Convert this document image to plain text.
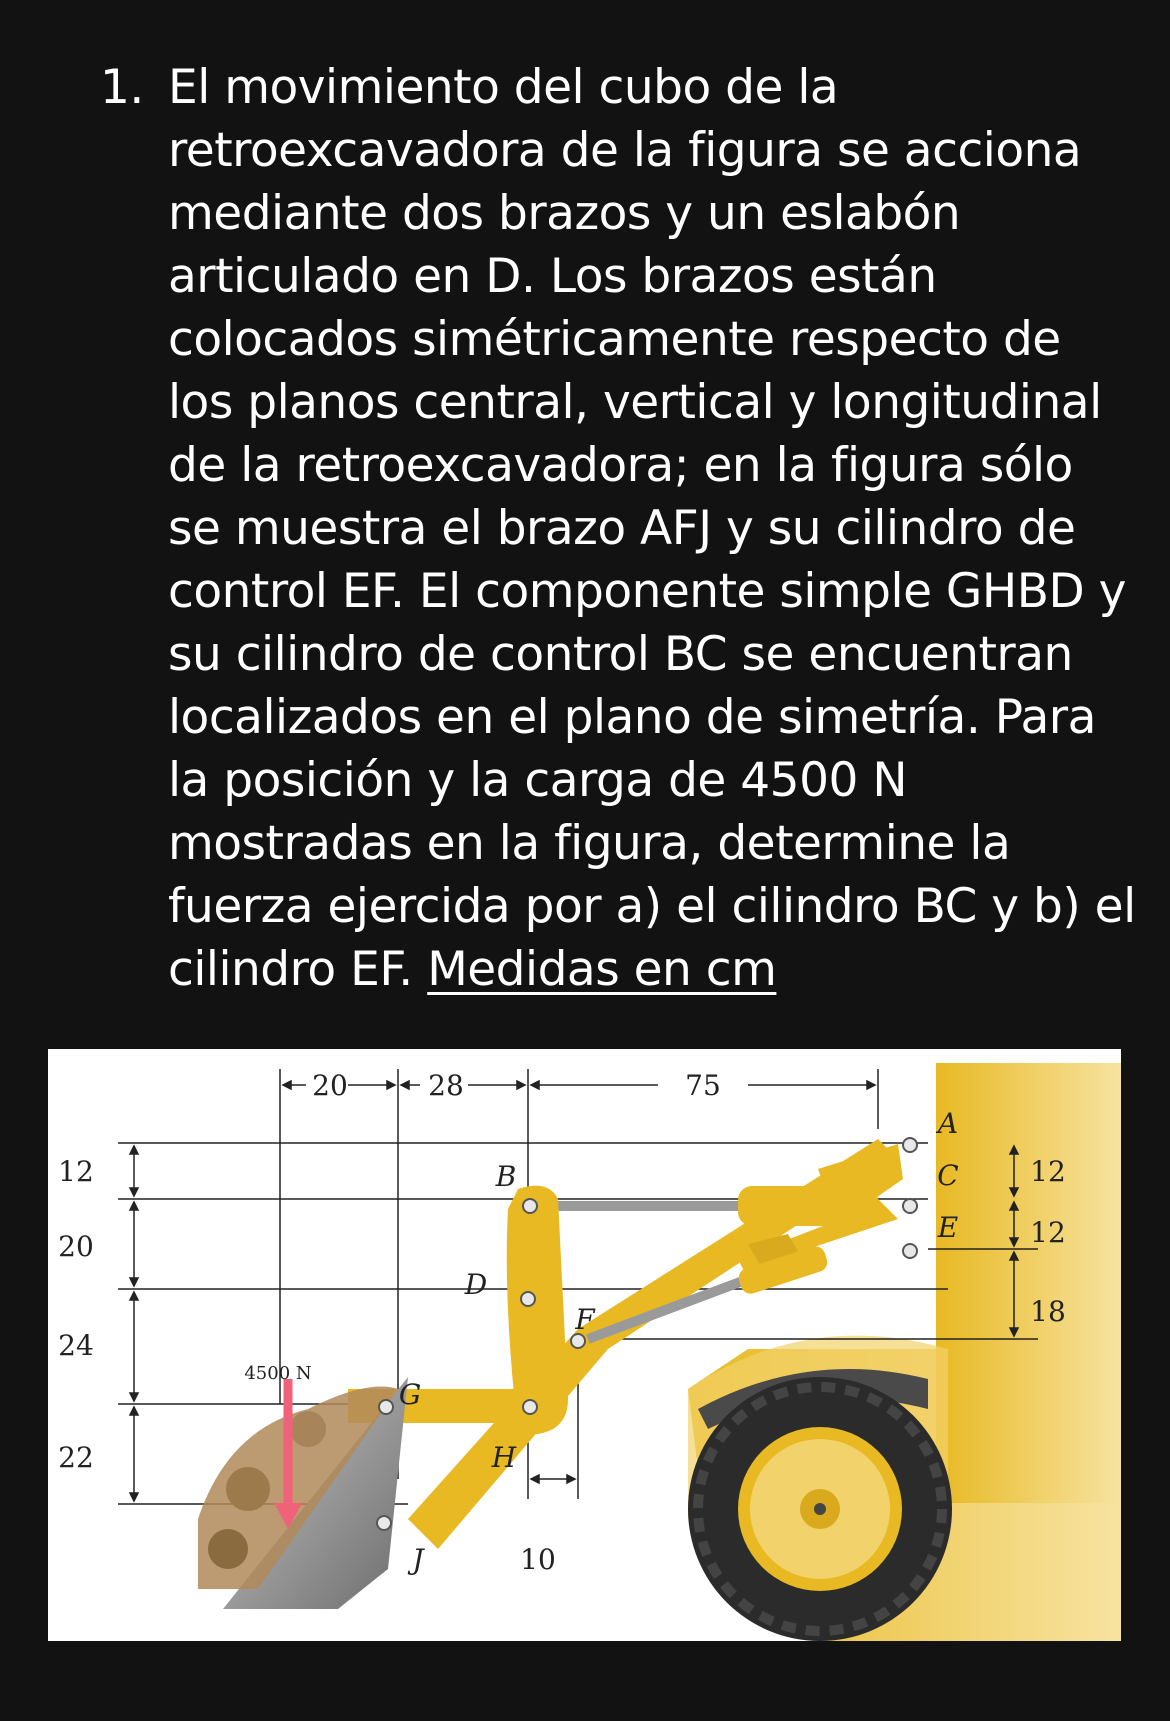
1. El movimiento del cubo de la retroexcavadora de la figura se acciona mediante dos brazos y un eslabón articulado en D. Los brazos están colocados simétricamente respecto de los planos central, vertical y longitudinal de la retroexcavadora; en la figura sólo se muestra el brazo AFJ y su cilindro de control EF. El componente simple GHBD y su cilindro de control BC se encuentran localizados en el plano de simetría. Para la posición y la carga de 4500 N mostradas en la figura, determine la fuerza ejercida por a) el cilindro BC y b) el cilindro EF. Medidas en cm
20	28	75
12
20
24
22
12
12
18
10
4500 N
A
C
E
B
D
F
G
H
J
